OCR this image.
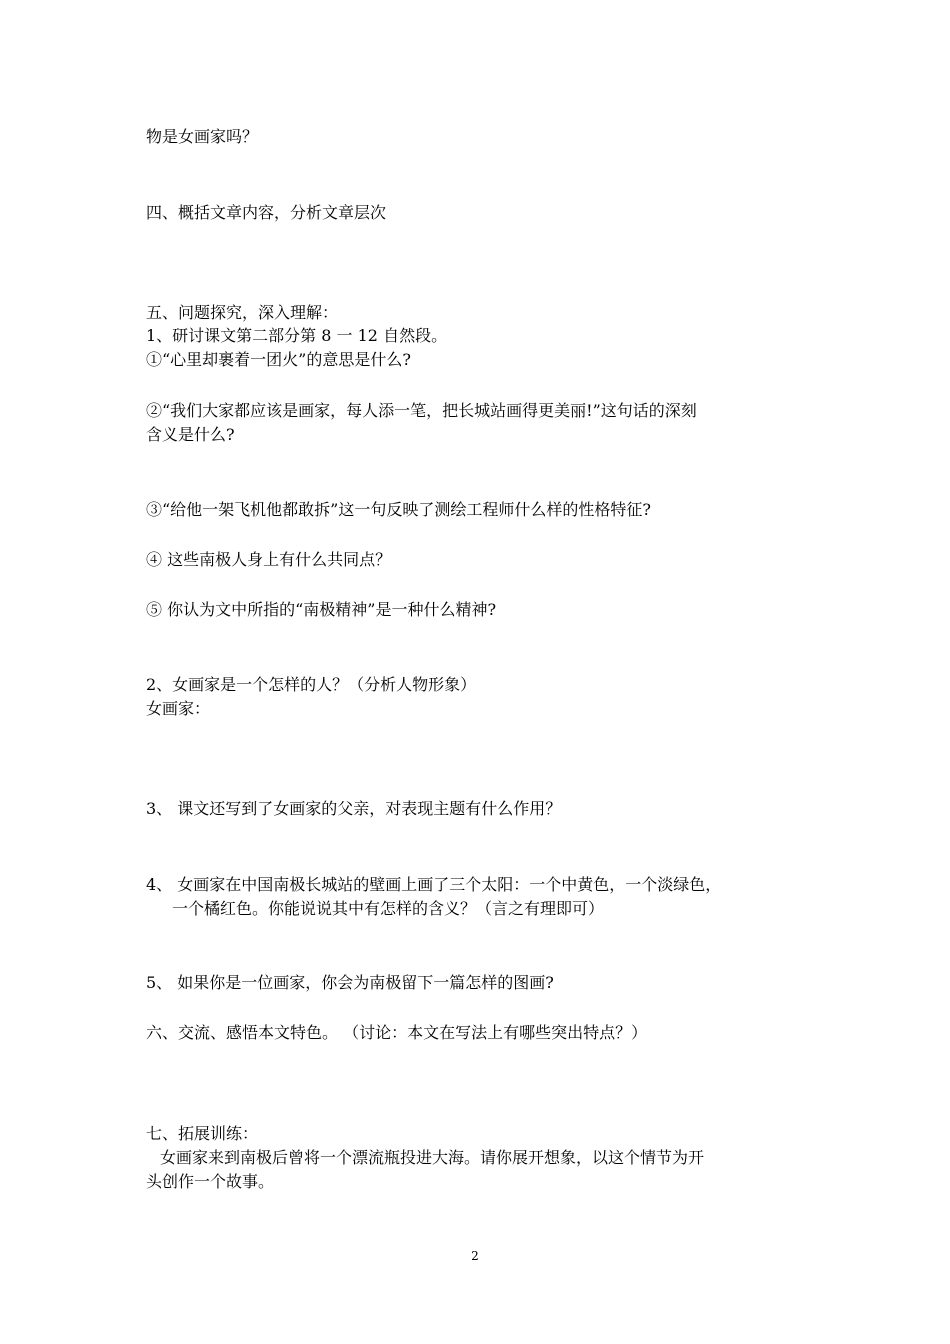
物是女画家吗？
四、概括文章内容，分析文章层次
五、问题探究，深入理解：
1、研讨课文第二部分第 8 一 12 自然段。
①“心里却裹着一团火”的意思是什么?
②“我们大家都应该是画家，每人添一笔，把长城站画得更美丽!”这句话的深刻
含义是什么?
③“给他一架飞机他都敢拆”这一句反映了测绘工程师什么样的性格特征?
④ 这些南极人身上有什么共同点？
⑤ 你认为文中所指的“南极精神”是一种什么精神?
2、女画家是一个怎样的人？（分析人物形象）
女画家：
3、 课文还写到了女画家的父亲，对表现主题有什么作用？
4、 女画家在中国南极长城站的壁画上画了三个太阳：一个中黄色，一个淡绿色，
一个橘红色。你能说说其中有怎样的含义？（言之有理即可）
5、 如果你是一位画家，你会为南极留下一篇怎样的图画?
六、交流、感悟本文特色。 （讨论：本文在写法上有哪些突出特点？）
七、拓展训练：
女画家来到南极后曾将一个漂流瓶投进大海。请你展开想象，以这个情节为开
头创作一个故事。
2
